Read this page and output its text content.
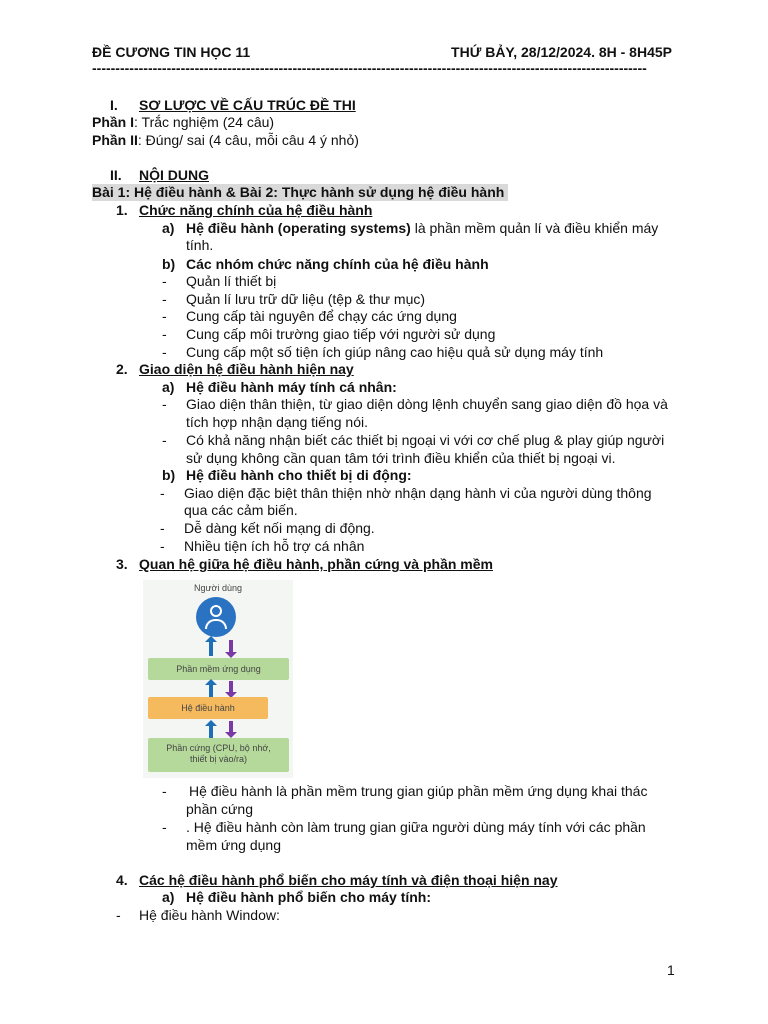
ĐỀ CƯƠNG TIN HỌC 11	THỨ BẢY, 28/12/2024. 8H - 8H45P
-----------------------------------------------------------------------------------------------------------------------
I. SƠ LƯỢC VỀ CẤU TRÚC ĐỀ THI
Phần I: Trắc nghiệm (24 câu)
Phần II: Đúng/ sai (4 câu, mỗi câu 4 ý nhỏ)
II. NỘI DUNG
Bài 1: Hệ điều hành & Bài 2: Thực hành sử dụng hệ điều hành
1. Chức năng chính của hệ điều hành
a) Hệ điều hành (operating systems) là phần mềm quản lí và điều khiển máy
tính.
b) Các nhóm chức năng chính của hệ điều hành
- Quản lí thiết bị
- Quản lí lưu trữ dữ liệu (tệp & thư mục)
- Cung cấp tài nguyên để chạy các ứng dụng
- Cung cấp môi trường giao tiếp với người sử dụng
- Cung cấp một số tiện ích giúp nâng cao hiệu quả sử dụng máy tính
2. Giao diện hệ điều hành hiện nay
a) Hệ điều hành máy tính cá nhân:
- Giao diện thân thiện, từ giao diện dòng lệnh chuyển sang giao diện đồ họa và
tích hợp nhận dạng tiếng nói.
- Có khả năng nhận biết các thiết bị ngoại vi với cơ chế plug & play giúp người
sử dụng không cần quan tâm tới trình điều khiển của thiết bị ngoại vi.
b) Hệ điều hành cho thiết bị di động:
- Giao diện đặc biệt thân thiện nhờ nhận dạng hành vi của người dùng thông
qua các cảm biến.
- Dễ dàng kết nối mạng di động.
- Nhiều tiện ích hỗ trợ cá nhân
3. Quan hệ giữa hệ điều hành, phần cứng và phần mềm
Người dùng
Phần mềm ứng dụng
Hệ điều hành
Phần cứng (CPU, bộ nhớ,
thiết bị vào/ra)
- Hệ điều hành là phần mềm trung gian giúp phần mềm ứng dụng khai thác
phần cứng
- . Hệ điều hành còn làm trung gian giữa người dùng máy tính với các phần
mềm ứng dụng
4. Các hệ điều hành phổ biến cho máy tính và điện thoại hiện nay
a) Hệ điều hành phổ biến cho máy tính:
- Hệ điều hành Window:
1
